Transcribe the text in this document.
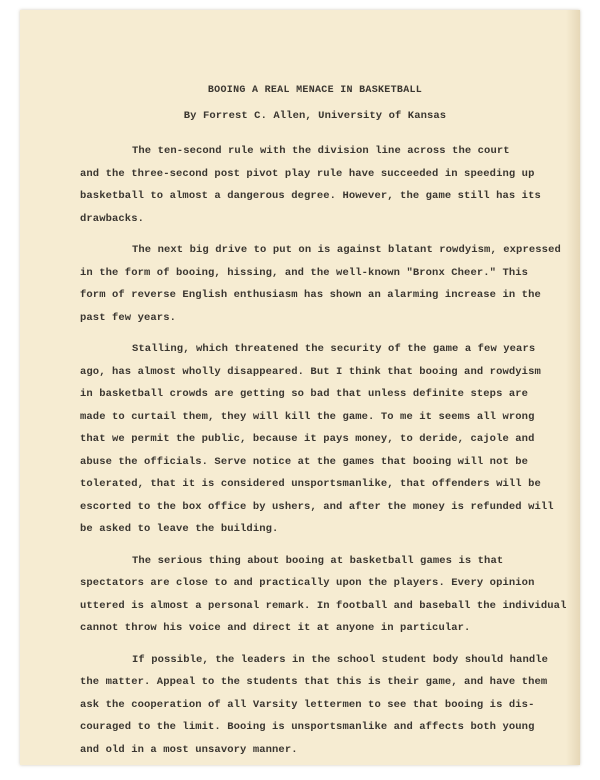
BOOING A REAL MENACE IN BASKETBALL
By Forrest C. Allen, University of Kansas
The ten-second rule with the division line across the court
and the three-second post pivot play rule have succeeded in speeding up
basketball to almost a dangerous degree. However, the game still has its
drawbacks.
The next big drive to put on is against blatant rowdyism, expressed
in the form of booing, hissing, and the well-known "Bronx Cheer." This
form of reverse English enthusiasm has shown an alarming increase in the
past few years.
Stalling, which threatened the security of the game a few years
ago, has almost wholly disappeared. But I think that booing and rowdyism
in basketball crowds are getting so bad that unless definite steps are
made to curtail them, they will kill the game. To me it seems all wrong
that we permit the public, because it pays money, to deride, cajole and
abuse the officials. Serve notice at the games that booing will not be
tolerated, that it is considered unsportsmanlike, that offenders will be
escorted to the box office by ushers, and after the money is refunded will
be asked to leave the building.
The serious thing about booing at basketball games is that
spectators are close to and practically upon the players. Every opinion
uttered is almost a personal remark. In football and baseball the individual
cannot throw his voice and direct it at anyone in particular.
If possible, the leaders in the school student body should handle
the matter. Appeal to the students that this is their game, and have them
ask the cooperation of all Varsity lettermen to see that booing is dis-
couraged to the limit. Booing is unsportsmanlike and affects both young
and old in a most unsavory manner.
